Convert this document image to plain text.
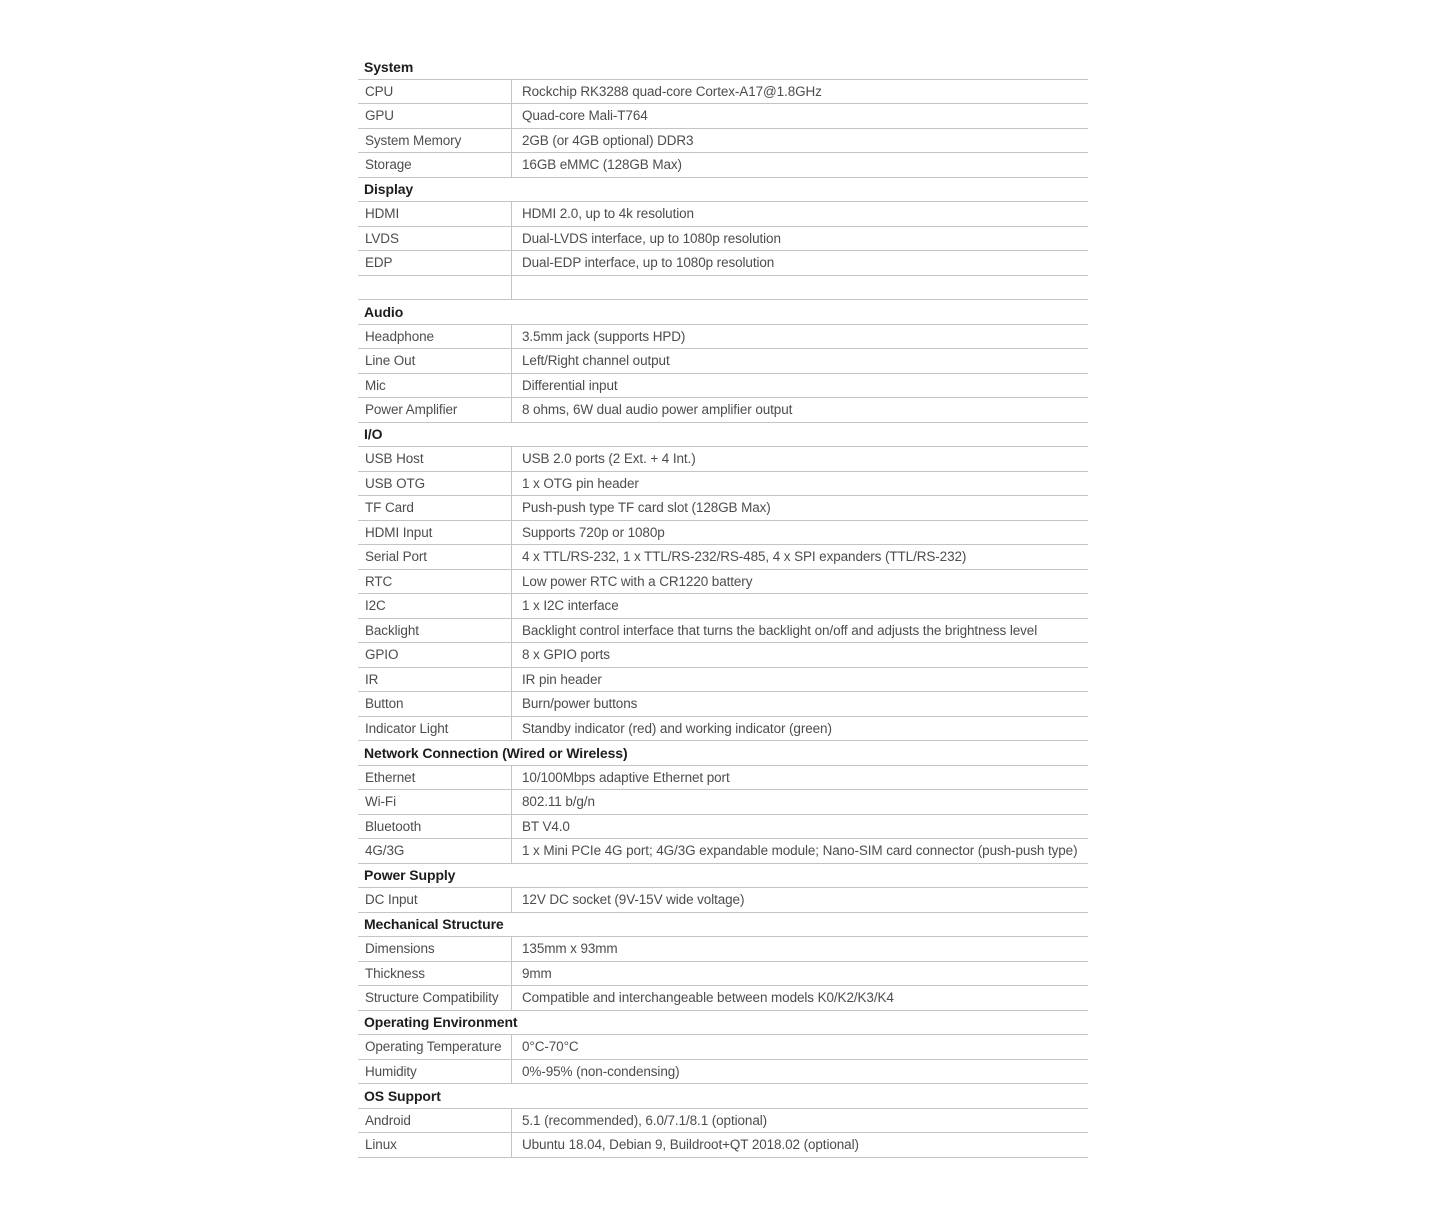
System
CPU	Rockchip RK3288 quad-core Cortex-A17@1.8GHz
GPU	Quad-core Mali-T764
System Memory	2GB (or 4GB optional) DDR3
Storage	16GB eMMC (128GB Max)
Display
HDMI	HDMI 2.0, up to 4k resolution
LVDS	Dual-LVDS interface, up to 1080p resolution
EDP	Dual-EDP interface, up to 1080p resolution
Audio
Headphone	3.5mm jack (supports HPD)
Line Out	Left/Right channel output
Mic	Differential input
Power Amplifier	8 ohms, 6W dual audio power amplifier output
I/O
USB Host	USB 2.0 ports (2 Ext. + 4 Int.)
USB OTG	1 x OTG pin header
TF Card	Push-push type TF card slot (128GB Max)
HDMI Input	Supports 720p or 1080p
Serial Port	4 x TTL/RS-232, 1 x TTL/RS-232/RS-485, 4 x SPI expanders (TTL/RS-232)
RTC	Low power RTC with a CR1220 battery
I2C	1 x I2C interface
Backlight	Backlight control interface that turns the backlight on/off and adjusts the brightness level
GPIO	8 x GPIO ports
IR	IR pin header
Button	Burn/power buttons
Indicator Light	Standby indicator (red) and working indicator (green)
Network Connection (Wired or Wireless)
Ethernet	10/100Mbps adaptive Ethernet port
Wi-Fi	802.11 b/g/n
Bluetooth	BT V4.0
4G/3G	1 x Mini PCIe 4G port; 4G/3G expandable module; Nano-SIM card connector (push-push type)
Power Supply
DC Input	12V DC socket (9V-15V wide voltage)
Mechanical Structure
Dimensions	135mm x 93mm
Thickness	9mm
Structure Compatibility	Compatible and interchangeable between models K0/K2/K3/K4
Operating Environment
Operating Temperature	0°C-70°C
Humidity	0%-95% (non-condensing)
OS Support
Android	5.1 (recommended), 6.0/7.1/8.1 (optional)
Linux	Ubuntu 18.04, Debian 9, Buildroot+QT 2018.02 (optional)
